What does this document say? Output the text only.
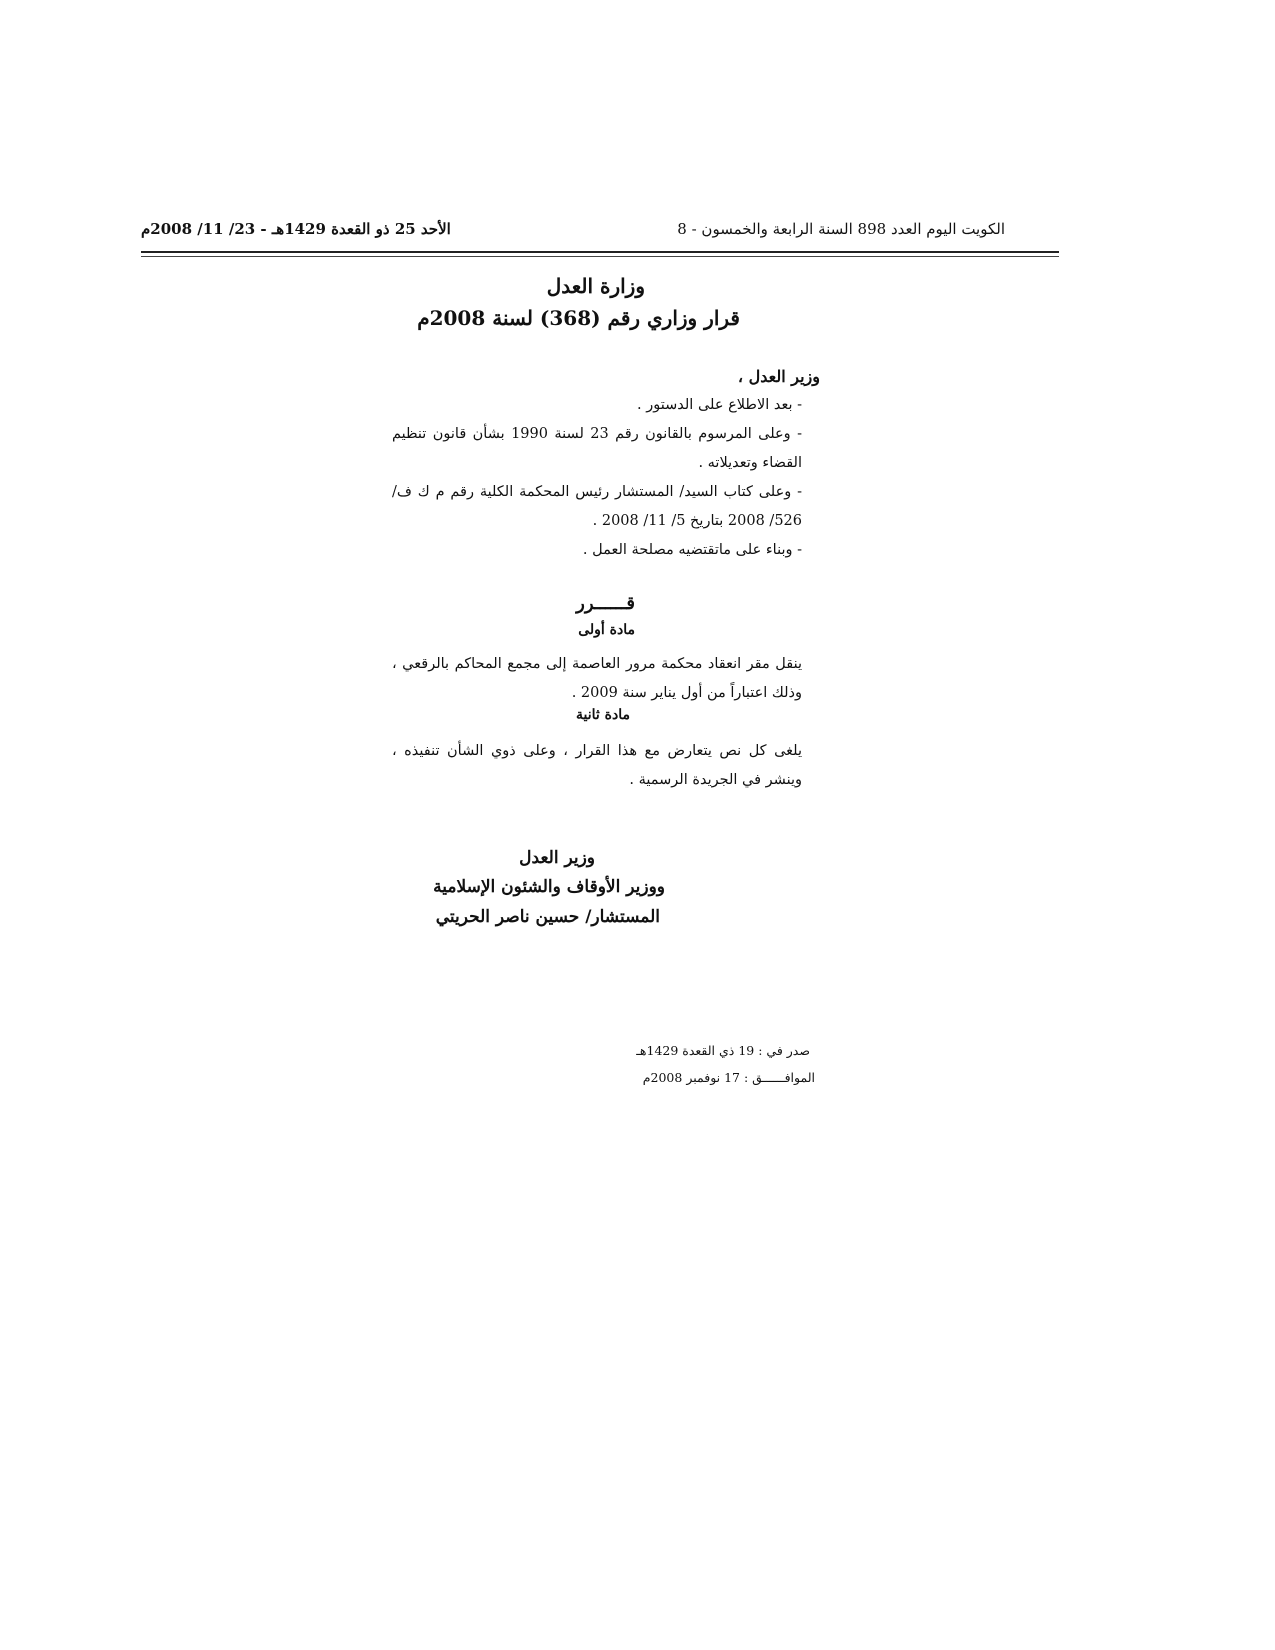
الكويت اليوم العدد 898 السنة الرابعة والخمسون - 8
الأحد 25 ذو القعدة 1429هـ - 23/ 11/ 2008م
وزارة العدل
قرار وزاري رقم (368) لسنة 2008م
وزير العدل ،
- بعد الاطلاع على الدستور .
- وعلى المرسوم بالقانون رقم 23 لسنة 1990 بشأن قانون تنظيم القضاء وتعديلاته .
- وعلى كتاب السيد/ المستشار رئيس المحكمة الكلية رقم م ك ف/ 526/ 2008 بتاريخ 5/ 11/ 2008 .
- وبناء على ماتقتضيه مصلحة العمل .
قــــــرر
مادة أولى
ينقل مقر انعقاد محكمة مرور العاصمة إلى مجمع المحاكم بالرقعي ، وذلك اعتباراً من أول يناير سنة 2009 .
مادة ثانية
يلغى كل نص يتعارض مع هذا القرار ، وعلى ذوي الشأن تنفيذه ، وينشر في الجريدة الرسمية .
وزير العدل
ووزير الأوقاف والشئون الإسلامية
المستشار/ حسين ناصر الحريتي
صدر في : 19 ذي القعدة 1429هـ
الموافــــــق : 17 نوفمبر 2008م
